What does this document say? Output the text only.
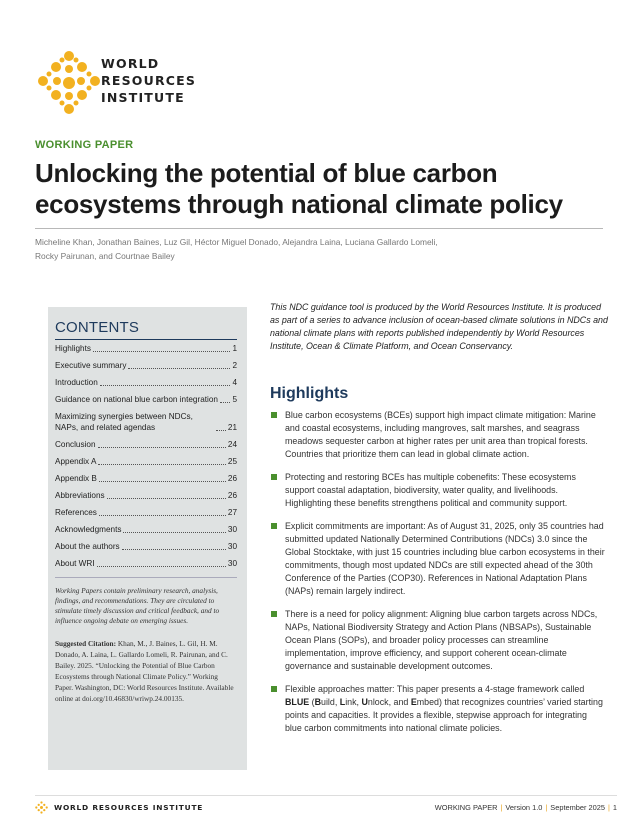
WORLD
RESOURCES
INSTITUTE
WORKING PAPER
Unlocking the potential of blue carbon
ecosystems through national climate policy
Micheline Khan, Jonathan Baines, Luz Gil, Héctor Miguel Donado, Alejandra Laina, Luciana Gallardo Lomeli,
Rocky Pairunan, and Courtnae Bailey
CONTENTS
Highlights	1
Executive summary	2
Introduction	4
Guidance on national blue carbon integration 5
Maximizing synergies between NDCs, NAPs, and related agendas	21
Conclusion	24
Appendix A	25
Appendix B	26
Abbreviations	26
References	27
Acknowledgments	30
About the authors	30
About WRI	30
Working Papers contain preliminary research, analysis, findings, and recommendations. They are circulated to stimulate timely discussion and critical feedback, and to influence ongoing debate on emerging issues.
Suggested Citation: Khan, M., J. Baines, L. Gil, H. M. Donado, A. Laina, L. Gallardo Lomeli, R. Pairunan, and C. Bailey. 2025. “Unlocking the Potential of Blue Carbon Ecosystems through National Climate Policy.” Working Paper. Washington, DC: World Resources Institute. Available online at doi.org/10.46830/wriwp.24.00135.
This NDC guidance tool is produced by the World Resources Institute. It is produced as part of a series to advance inclusion of ocean-based climate solutions in NDCs and national climate plans with reports published independently by World Resources Institute, Ocean & Climate Platform, and Ocean Conservancy.
Highlights
Blue carbon ecosystems (BCEs) support high impact climate mitigation: Marine and coastal ecosystems, including mangroves, salt marshes, and seagrass meadows sequester carbon at higher rates per unit area than tropical forests. Countries that prioritize them can lead in global climate action.
Protecting and restoring BCEs has multiple cobenefits: These ecosystems support coastal adaptation, biodiversity, water quality, and livelihoods. Highlighting these benefits strengthens political and community support.
Explicit commitments are important: As of August 31, 2025, only 35 countries had submitted updated Nationally Determined Contributions (NDCs) 3.0 since the Global Stocktake, with just 15 countries including blue carbon ecosystems in their commitments, though most updated NDCs are still expected ahead of the 30th Conference of the Parties (COP30). References in National Adaptation Plans (NAPs) remain largely indirect.
There is a need for policy alignment: Aligning blue carbon targets across NDCs, NAPs, National Biodiversity Strategy and Action Plans (NBSAPs), Sustainable Ocean Plans (SOPs), and broader policy processes can streamline implementation, improve efficiency, and support coherent ocean-climate governance and sustainable development outcomes.
Flexible approaches matter: This paper presents a 4-stage framework called BLUE (Build, Link, Unlock, and Embed) that recognizes countries’ varied starting points and capacities. It provides a flexible, stepwise approach for integrating blue carbon commitments into national climate policies.
WORLD RESOURCES INSTITUTE	WORKING PAPER | Version 1.0 | September 2025 | 1
